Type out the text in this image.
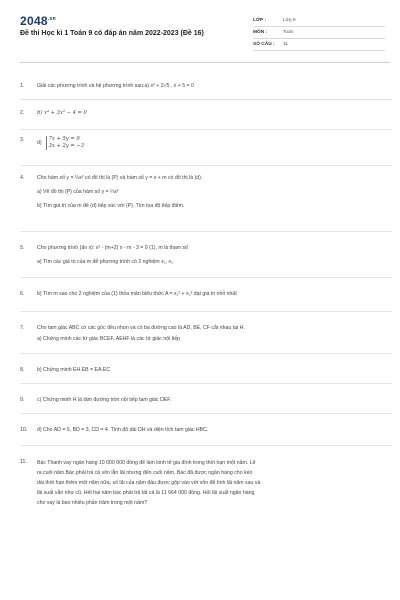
$2048^{.vn}$
Đề thi Học kì 1 Toán 9 có đáp án năm 2022-2023 (Đề 16)
LỚP :	Lớp 9
MÔN :	Toán
SỐ CÂU :	11
1.	Giải các phương trình và hệ phương trình sau:a) x² + 2√5 . x + 5 = 0
2.	b) x⁴ + 3x² − 4 = 0
3.	d)
7x + 5y = 9
3x + 2y = −3
4.	Cho hàm số y = ¼x² có đồ thị là (P) và hàm số y = x + m có đồ thị là (d).
a) Vẽ đồ thị (P) của hàm số y = ¼x²
b) Tìm giá trị của m để (d) tiếp xúc với (P). Tìm tọa độ tiếp điểm.
5.	Cho phương trình (ẩn x): x² - (m+2) x - m - 3 = 0 (1), m là tham số
a) Tìm các giá trị của m để phương trình có 2 nghiệm x₁, x₂
6.	b) Tìm m sao cho 2 nghiệm của (1) thỏa mãn biểu thức A = x₁² + x₂² đạt giá trị nhỏ nhất
7.	Cho tam giác ABC có các góc đều nhọn và có ba đường cao là AD, BE, CF cắt nhau tại H.
a) Chứng minh các tứ giác BCEF, AEHF là các tứ giác nội tiếp
8.	b) Chứng minh EH.EB = EA.EC
9.	c) Chứng minh H là tâm đường tròn nội tiếp tam giác DEF.
10.	d) Cho AD = 5, BD = 3, CD = 4. Tính độ dài DH và diện tích tam giác HBC.
11.	Bác Thanh vay ngân hàng 10 000 000 đồng để làm kinh tế gia đình trong thời hạn một năm. Lẽ
ra cuối năm Bác phải trả cả vốn lẫn lãi nhưng đến cuối năm, Bác đã được ngân hàng cho kéo
dài thời hạn thêm một năm nữa, số lãi của năm đầu được gộp vào với vốn để tính lãi năm sau và
lãi suất vẫn như cũ. Hết hai năm bác phải trả tất cả là 11 664 000 đồng. Hỏi lãi suất ngân hàng
cho vay là bao nhiêu phần trăm trong một năm?
